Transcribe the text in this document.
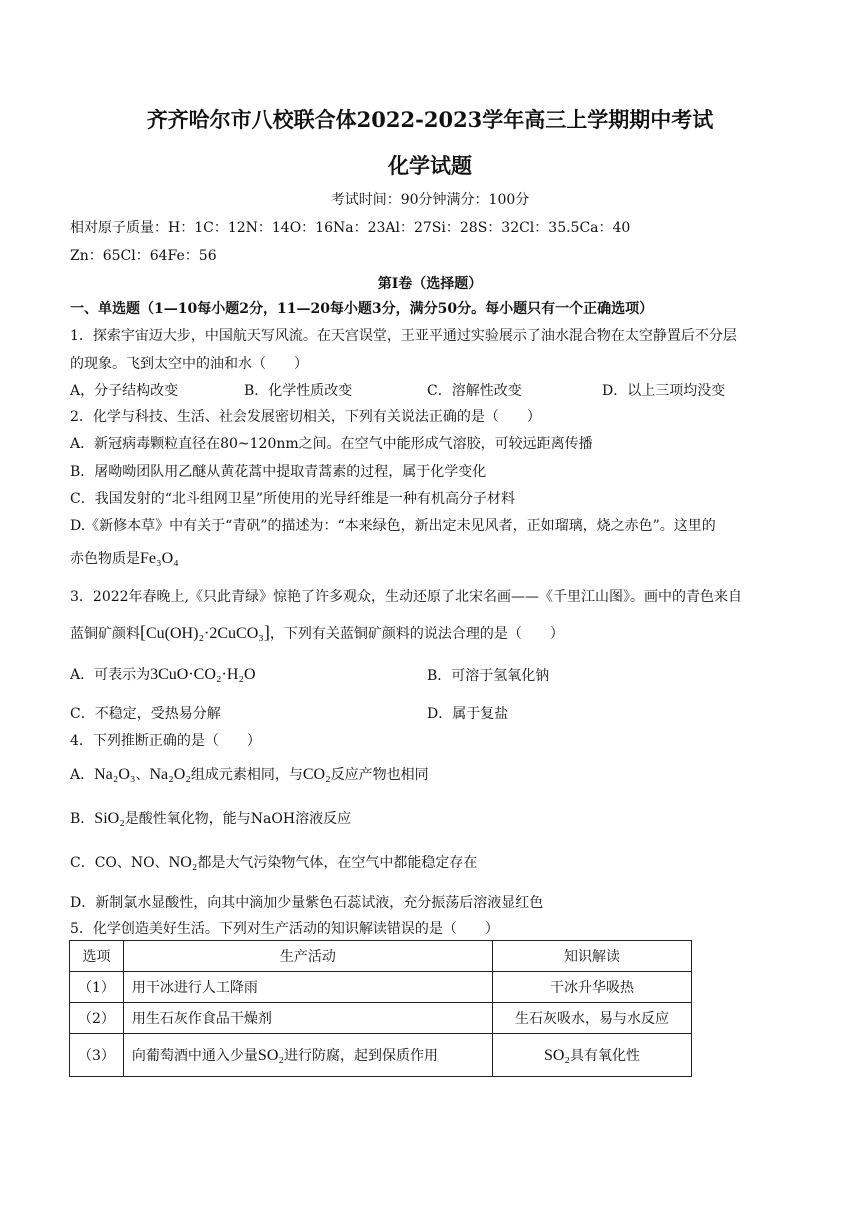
齐齐哈尔市八校联合体2022-2023学年高三上学期期中考试
化学试题
考试时间：90分钟满分：100分
相对原子质量：H：1C：12N：14O：16Na：23Al：27Si：28S：32Cl：35.5Ca：40
Zn：65Cl：64Fe：56
第Ⅰ卷（选择题）
一、单选题（1—10每小题2分，11—20每小题3分，满分50分。每小题只有一个正确选项）
1．探索宇宙迈大步，中国航天写风流。在天宫误堂，王亚平通过实验展示了油水混合物在太空静置后不分层
的现象。飞到太空中的油和水（　　）
A，分子结构改变	B．化学性质改变	C．溶解性改变	D．以上三项均没变
2．化学与科技、生活、社会发展密切相关，下列有关说法正确的是（　　）
A．新冠病毒颗粒直径在80~120nm之间。在空气中能形成气溶胶，可较远距离传播
B．屠呦呦团队用乙醚从黄花蒿中提取青蒿素的过程，属于化学变化
C．我国发射的“北斗组网卫星”所使用的光导纤维是一种有机高分子材料
D.《新修本草》中有关于“青矾”的描述为：“本来绿色，新出定未见风者，正如瑠璃，烧之赤色”。这里的
赤色物质是Fe₃O₄
3．2022年春晚上,《只此青绿》惊艳了许多观众，生动还原了北宋名画——《千里江山图》。画中的青色来自
蓝铜矿颜料[Cu(OH)₂·2CuCO₃]，下列有关蓝铜矿颜料的说法合理的是（　　）
A．可表示为3CuO·CO₂·H₂O	B．可溶于氢氧化钠
C．不稳定，受热易分解	D．属于复盐
4．下列推断正确的是（　　）
A．Na₂O₃、Na₂O₂组成元素相同，与CO₂反应产物也相同
B．SiO₂是酸性氧化物，能与NaOH溶液反应
C．CO、NO、NO₂都是大气污染物气体，在空气中都能稳定存在
D．新制氯水显酸性，向其中滴加少量紫色石蕊试液，充分振荡后溶液显红色
5．化学创造美好生活。下列对生产活动的知识解读错误的是（　　）
选项	生产活动	知识解读
（1）	用干冰进行人工降雨	干冰升华吸热
（2）	用生石灰作食品干燥剂	生石灰吸水，易与水反应
（3）	向葡萄酒中通入少量SO₂进行防腐，起到保质作用	SO₂具有氧化性
